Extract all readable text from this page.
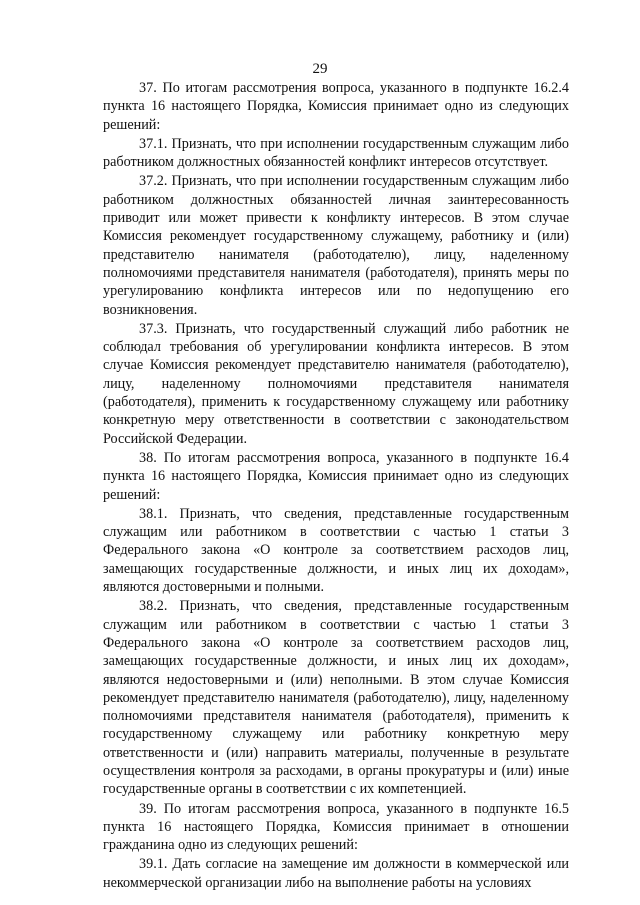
29

37. По итогам рассмотрения вопроса, указанного в подпункте 16.2.4 пункта 16 настоящего Порядка, Комиссия принимает одно из следующих решений:

37.1. Признать, что при исполнении государственным служащим либо работником должностных обязанностей конфликт интересов отсутствует.

37.2. Признать, что при исполнении государственным служащим либо работником должностных обязанностей личная заинтересованность приводит или может привести к конфликту интересов. В этом случае Комиссия рекомендует государственному служащему, работнику и (или) представителю нанимателя (работодателю), лицу, наделенному полномочиями представителя нанимателя (работодателя), принять меры по урегулированию конфликта интересов или по недопущению его возникновения.

37.3. Признать, что государственный служащий либо работник не соблюдал требования об урегулировании конфликта интересов. В этом случае Комиссия рекомендует представителю нанимателя (работодателю), лицу, наделенному полномочиями представителя нанимателя (работодателя), применить к государственному служащему или работнику конкретную меру ответственности в соответствии с законодательством Российской Федерации.

38. По итогам рассмотрения вопроса, указанного в подпункте 16.4 пункта 16 настоящего Порядка, Комиссия принимает одно из следующих решений:

38.1. Признать, что сведения, представленные государственным служащим или работником в соответствии с частью 1 статьи 3 Федерального закона «О контроле за соответствием расходов лиц, замещающих государственные должности, и иных лиц их доходам», являются достоверными и полными.

38.2. Признать, что сведения, представленные государственным служащим или работником в соответствии с частью 1 статьи 3 Федерального закона «О контроле за соответствием расходов лиц, замещающих государственные должности, и иных лиц их доходам», являются недостоверными и (или) неполными. В этом случае Комиссия рекомендует представителю нанимателя (работодателю), лицу, наделенному полномочиями представителя нанимателя (работодателя), применить к государственному служащему или работнику конкретную меру ответственности и (или) направить материалы, полученные в результате осуществления контроля за расходами, в органы прокуратуры и (или) иные государственные органы в соответствии с их компетенцией.

39. По итогам рассмотрения вопроса, указанного в подпункте 16.5 пункта 16 настоящего Порядка, Комиссия принимает в отношении гражданина одно из следующих решений:

39.1. Дать согласие на замещение им должности в коммерческой или некоммерческой организации либо на выполнение работы на условиях
